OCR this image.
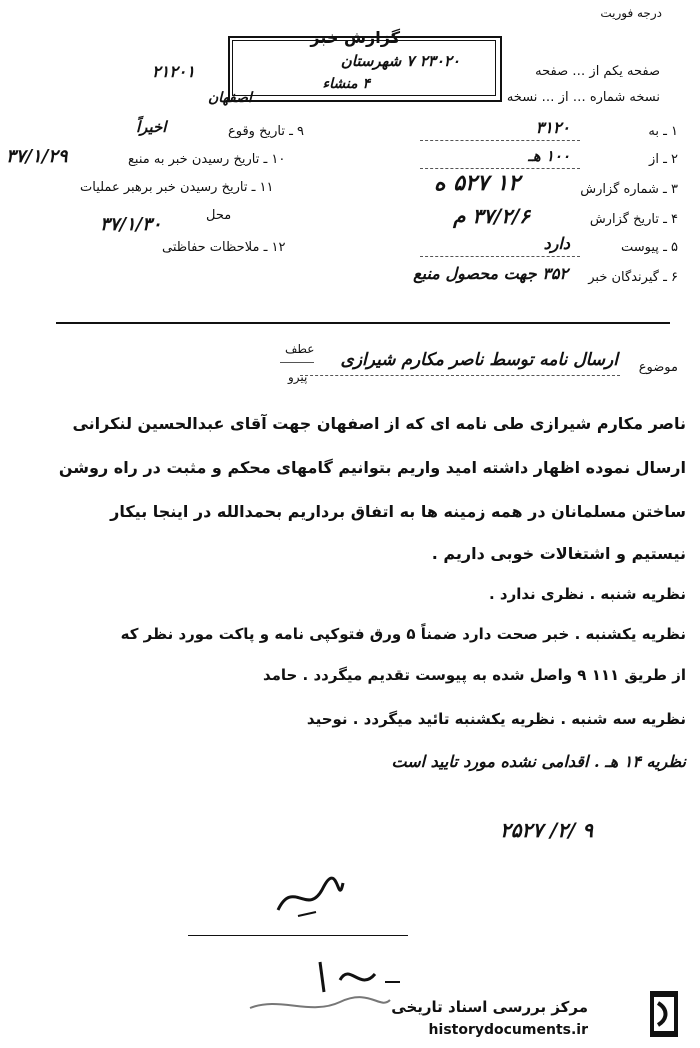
درجه فوریت
گزارش خبر
۲۳۰۲۰ ۷ شهرستان
۴ منشاء
صفحه یکم از … صفحه
نسخه شماره … از … نسخه
۲۱۲۰۱
اصفهان
۱ ـ به
۳۱۲۰
۲ ـ از
۱۰۰ هـ
۳ ـ شماره گزارش
۱۲ ۵۲۷ ه
۴ ـ تاریخ گزارش
۳۷/۲/۶ م
۵ ـ پیوست
دارد
۶ ـ گیرندگان خبر
۳۵۲ جهت محصول منبع
۹ ـ تاریخ وقوع
اخیراً
۱۰ ـ تاریخ رسیدن خبر به منبع
۳۷/۱/۲۹
۱۱ ـ تاریخ رسیدن خبر برهبر عملیات
محل
۳۷/۱/۳۰
۱۲ ـ ملاحظات حفاظتی
موضوع
ارسال نامه توسط ناصر مکارم شیرازی
عطف
پیرو
ناصر مکارم شیرازی طی نامه ای که از اصفهان جهت آقای عبدالحسین لنکرانی
ارسال نموده اظهار داشته امید واریم بتوانیم گامهای محکم و مثبت در راه روشن
ساختن مسلمانان در همه زمینه ها به اتفاق برداریم بحمدالله در اینجا بیکار
نیستیم و اشتغالات خوبی داریم .
نظریه شنبه . نظری ندارد .
نظریه یکشنبه . خبر صحت دارد ضمناً ۵ ورق فتوکپی نامه و پاکت مورد نظر که
از طریق ۱۱۱ ۹ واصل شده به پیوست تقدیم میگردد . حامد
نظریه سه شنبه . نظریه یکشنبه تائید میگردد . نوحید
نظریه ۱۴ هـ . اقدامی نشده مورد تایید است
۲۵۲۷ /۲/ ۹
مرکز بررسی اسناد تاریخی
historydocuments.ir
